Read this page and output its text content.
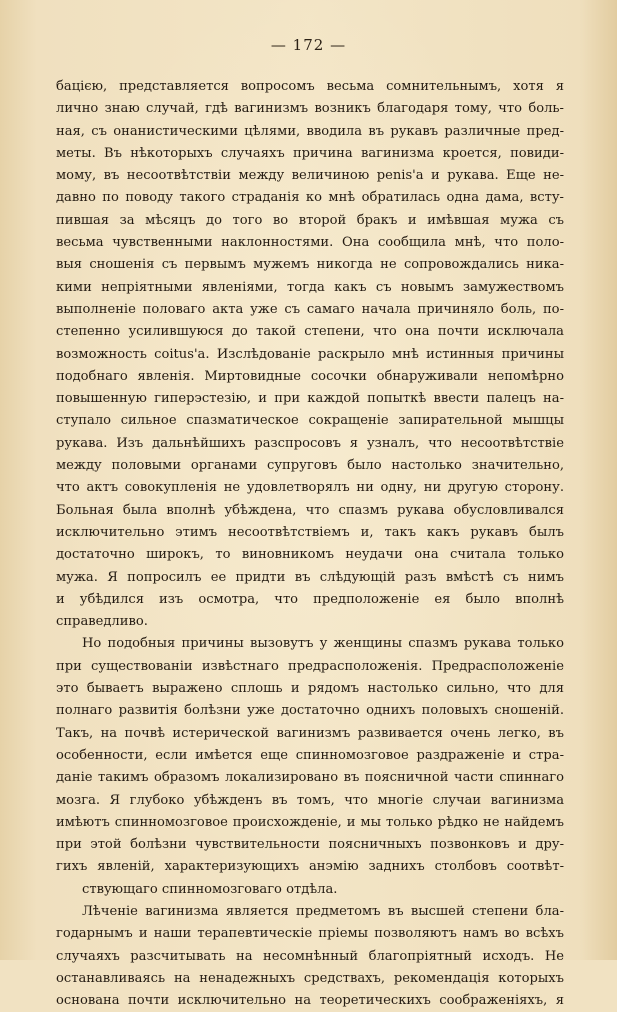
— 172 —

бацією, представляется вопросомъ весьма сомнительнымъ, хотя я
лично знаю случай, гдѣ вагинизмъ возникъ благодаря тому, что боль-
ная, съ онанистическими цѣлями, вводила въ рукавъ различные пред-
меты. Въ нѣкоторыхъ случаяхъ причина вагинизма кроется, повиди-
мому, въ несоотвѣтствіи между величиною penis'а и рукава. Еще не-
давно по поводу такого страданія ко мнѣ обратилась одна дама, всту-
пившая за мѣсяцъ до того во второй бракъ и имѣвшая мужа съ
весьма чувственными наклонностями. Она сообщила мнѣ, что поло-
выя сношенія съ первымъ мужемъ никогда не сопровождались ника-
кими непріятными явленіями, тогда какъ съ новымъ замужествомъ
выполненіе половаго акта уже съ самаго начала причиняло боль, по-
степенно усилившуюся до такой степени, что она почти исключала
возможность coitus'а. Изслѣдованіе раскрыло мнѣ истинныя причины
подобнаго явленія. Миртовидные сосочки обнаруживали непомѣрно
повышенную гиперэстезію, и при каждой попыткѣ ввести палецъ на-
ступало сильное спазматическое сокращеніе запирательной мышцы
рукава. Изъ дальнѣйшихъ разспросовъ я узналъ, что несоотвѣтствіе
между половыми органами супруговъ было настолько значительно,
что актъ совокупленія не удовлетворялъ ни одну, ни другую сторону.
Больная была вполнѣ убѣждена, что спазмъ рукава обусловливался
исключительно этимъ несоотвѣтствіемъ и, такъ какъ рукавъ былъ
достаточно широкъ, то виновникомъ неудачи она считала только
мужа. Я попросилъ ее придти въ слѣдующій разъ вмѣстѣ съ нимъ
и убѣдился изъ осмотра, что предположеніе ея было вполнѣ
справедливо.

Но подобныя причины вызовутъ у женщины спазмъ рукава только
при существованіи извѣстнаго предрасположенія. Предрасположеніе
это бываетъ выражено сплошь и рядомъ настолько сильно, что для
полнаго развитія болѣзни уже достаточно однихъ половыхъ сношеній.
Такъ, на почвѣ истерической вагинизмъ развивается очень легко, въ
особенности, если имѣется еще спинномозговое раздраженіе и стра-
даніе такимъ образомъ локализировано въ поясничной части спиннаго
мозга. Я глубоко убѣжденъ въ томъ, что многіе случаи вагинизма
имѣютъ спинномозговое происхожденіе, и мы только рѣдко не найдемъ
при этой болѣзни чувствительности поясничныхъ позвонковъ и дру-
гихъ явленій, характеризующихъ анэмію заднихъ столбовъ соотвѣт-
ствующаго спинномозговаго отдѣла.

Лѣченіе вагинизма является предметомъ въ высшей степени бла-
годарнымъ и наши терапевтическіе пріемы позволяютъ намъ во всѣхъ
случаяхъ разсчитывать на несомнѣнный благопріятный исходъ. Не
останавливаясь на ненадежныхъ средствахъ, рекомендація которыхъ
основана почти исключительно на теоретическихъ соображеніяхъ, я
